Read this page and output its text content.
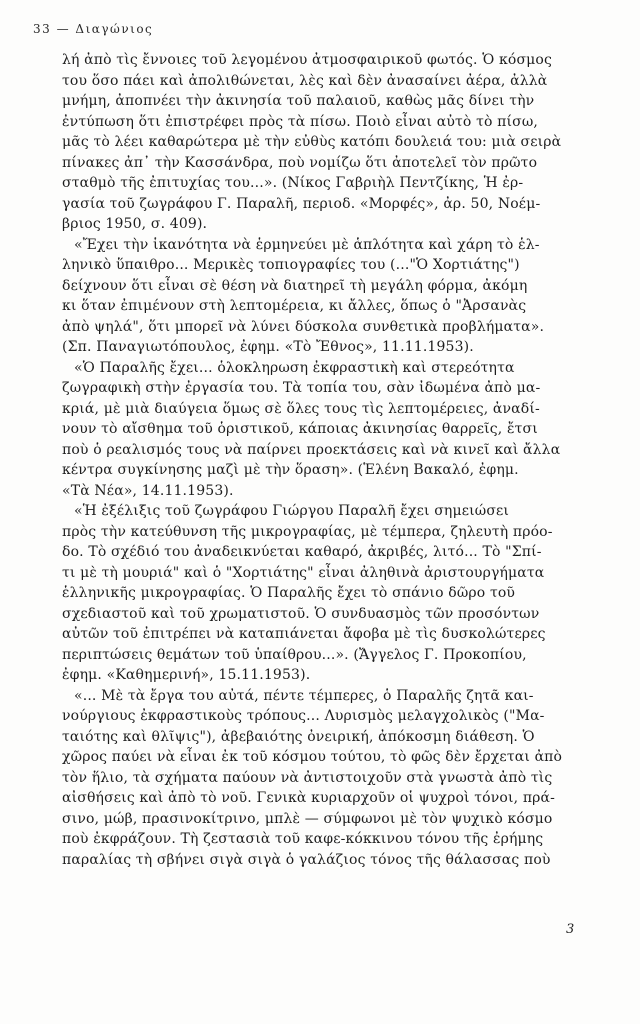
33 — Διαγώνιος

λή ἀπὸ τὶς ἔννοιες τοῦ λεγομένου ἀτμοσφαιρικοῦ φωτός. Ὁ κόσμος
του ὅσο πάει καὶ ἀπολιθώνεται, λὲς καὶ δὲν ἀνασαίνει ἀέρα, ἀλλὰ
μνήμη, ἀποπνέει τὴν ἀκινησία τοῦ παλαιοῦ, καθὼς μᾶς δίνει τὴν
ἐντύπωση ὅτι ἐπιστρέφει πρὸς τὰ πίσω. Ποιὸ εἶναι αὐτὸ τὸ πίσω,
μᾶς τὸ λέει καθαρώτερα μὲ τὴν εὐθὺς κατόπι δουλειά του: μιὰ σειρὰ
πίνακες ἀπ᾿ τὴν Κασσάνδρα, ποὺ νομίζω ὅτι ἀποτελεῖ τὸν πρῶτο
σταθμὸ τῆς ἐπιτυχίας του...». (Νίκος Γαβριὴλ Πεντζίκης, Ἡ ἐρ-
γασία τοῦ ζωγράφου Γ. Παραλῆ, περιοδ. «Μορφές», ἀρ. 50, Νοέμ-
βριος 1950, σ. 409).

«Ἔχει τὴν ἱκανότητα νὰ ἑρμηνεύει μὲ ἁπλότητα καὶ χάρη τὸ ἑλ-
ληνικὸ ὕπαιθρο... Μερικὲς τοπιογραφίες του (..."Ὁ Χορτιάτης")
δείχνουν ὅτι εἶναι σὲ θέση νὰ διατηρεῖ τὴ μεγάλη φόρμα, ἀκόμη
κι ὅταν ἐπιμένουν στὴ λεπτομέρεια, κι ἄλλες, ὅπως ὁ "Ἀρσανὰς
ἀπὸ ψηλά", ὅτι μπορεῖ νὰ λύνει δύσκολα συνθετικὰ προβλήματα».
(Σπ. Παναγιωτόπουλος, ἐφημ. «Τὸ Ἔθνος», 11.11.1953).

«Ὁ Παραλῆς ἔχει... ὁλοκληρωση ἐκφραστικὴ καὶ στερεότητα
ζωγραφικὴ στὴν ἐργασία του. Τὰ τοπία του, σὰν ἰδωμένα ἀπὸ μα-
κριά, μὲ μιὰ διαύγεια ὅμως σὲ ὅλες τους τὶς λεπτομέρειες, ἀναδί-
νουν τὸ αἴσθημα τοῦ ὁριστικοῦ, κάποιας ἀκινησίας θαρρεῖς, ἔτσι
ποὺ ὁ ρεαλισμός τους νὰ παίρνει προεκτάσεις καὶ νὰ κινεῖ καὶ ἄλλα
κέντρα συγκίνησης μαζὶ μὲ τὴν ὅραση». (Ἑλένη Βακαλό, ἐφημ.
«Τὰ Νέα», 14.11.1953).

«Ἡ ἐξέλιξις τοῦ ζωγράφου Γιώργου Παραλῆ ἔχει σημειώσει
πρὸς τὴν κατεύθυνση τῆς μικρογραφίας, μὲ τέμπερα, ζηλευτὴ πρόο-
δο. Τὸ σχέδιό του ἀναδεικνύεται καθαρό, ἀκριβές, λιτό... Τὸ "Σπί-
τι μὲ τὴ μουριά" καὶ ὁ "Χορτιάτης" εἶναι ἀληθινὰ ἀριστουργήματα
ἑλληνικῆς μικρογραφίας. Ὁ Παραλῆς ἔχει τὸ σπάνιο δῶρο τοῦ
σχεδιαστοῦ καὶ τοῦ χρωματιστοῦ. Ὁ συνδυασμὸς τῶν προσόντων
αὐτῶν τοῦ ἐπιτρέπει νὰ καταπιάνεται ἄφοβα μὲ τὶς δυσκολώτερες
περιπτώσεις θεμάτων τοῦ ὑπαίθρου...». (Ἄγγελος Γ. Προκοπίου,
ἐφημ. «Καθημερινή», 15.11.1953).

«... Μὲ τὰ ἔργα του αὐτά, πέντε τέμπερες, ὁ Παραλῆς ζητᾶ και-
νούργιους ἐκφραστικοὺς τρόπους... Λυρισμὸς μελαγχολικὸς ("Μα-
ταιότης καὶ θλῖψις"), ἀβεβαιότης ὀνειρική, ἀπόκοσμη διάθεση. Ὁ
χῶρος παύει νὰ εἶναι ἐκ τοῦ κόσμου τούτου, τὸ φῶς δὲν ἔρχεται ἀπὸ
τὸν ἥλιο, τὰ σχήματα παύουν νὰ ἀντιστοιχοῦν στὰ γνωστὰ ἀπὸ τὶς
αἰσθήσεις καὶ ἀπὸ τὸ νοῦ. Γενικὰ κυριαρχοῦν οἱ ψυχροὶ τόνοι, πρά-
σινο, μώβ, πρασινοκίτρινο, μπλὲ — σύμφωνοι μὲ τὸν ψυχικὸ κόσμο
ποὺ ἐκφράζουν. Τὴ ζεστασιὰ τοῦ καφε-κόκκινου τόνου τῆς ἐρήμης
παραλίας τὴ σβήνει σιγὰ σιγὰ ὁ γαλάζιος τόνος τῆς θάλασσας ποὺ

3
